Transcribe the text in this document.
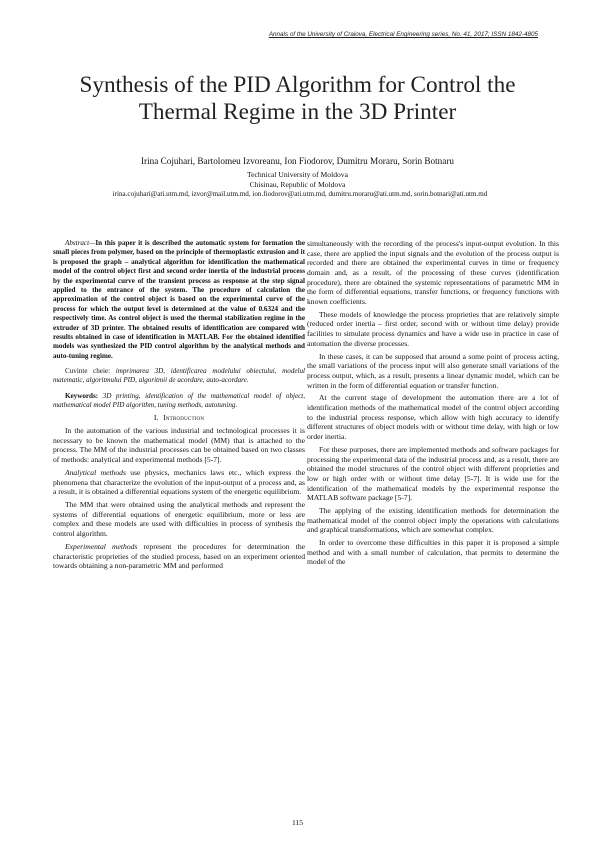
Annals of the University of Craiova, Electrical Engineering series, No. 41, 2017; ISSN 1842-4805
Synthesis of the PID Algorithm for Control the
Thermal Regime in the 3D Printer
Irina Cojuhari, Bartolomeu Izvoreanu, Ion Fiodorov, Dumitru Moraru, Sorin Botnaru
Technical University of Moldova
Chisinau, Republic of Moldova
irina.cojuhari@ati.utm.md, izvor@mail.utm.md, ion.fiodorov@ati.utm.md, dumitru.moraru@ati.utm.md, sorin.botnari@ati.utm.md

Abstract—In this paper it is described the automatic system for formation the small pieces from polymer, based on the principle of thermoplastic extrusion and it is proposed the graph – analytical algorithm for identification the mathematical model of the control object first and second order inertia of the industrial process by the experimental curve of the transient process as response at the step signal applied to the entrance of the system. The procedure of calculation the approximation of the control object is based on the experimental curve of the process for which the output level is determined at the value of 0.6324 and the respectively time. As control object is used the thermal stabilization regime in the extruder of 3D printer. The obtained results of identification are compared with results obtained in case of identification in MATLAB. For the obtained identified models was synthesized the PID control algorithm by the analytical methods and auto-tuning regime.

Cuvinte cheie: imprimarea 3D, identificarea modelului obiectului, modelul matematic, algoritmului PID, algoritmii de acordare, auto-acordare.

Keywords: 3D printing, identification of the mathematical model of object, mathematical model PID algorithm, tuning methods, autotuning.

I. Introduction

In the automation of the various industrial and technological processes it is necessary to be known the mathematical model (MM) that is attached to the process. The MM of the industrial processes can be obtained based on two classes of methods: analytical and experimental methods [5-7].

Analytical methods use physics, mechanics laws etc., which express the phenomena that characterize the evolution of the input-output of a process and, as a result, it is obtained a differential equations system of the energetic equilibrium.

The MM that were obtained using the analytical methods and represent the systems of differential equations of energetic equilibrium, more or less are complex and these models are used with difficulties in process of synthesis the control algorithm.

Experimental methods represent the procedures for determination the characteristic proprieties of the studied process, based on an experiment oriented towards obtaining a non-parametric MM and performed

simultaneously with the recording of the process's input-output evolution. In this case, there are applied the input signals and the evolution of the process output is recorded and there are obtained the experimental curves in time or frequency domain and, as a result, of the processing of these curves (identification procedure), there are obtained the systemic representations of parametric MM in the form of differential equations, transfer functions, or frequency functions with known coefficients.

These models of knowledge the process proprieties that are relatively simple (reduced order inertia – first order, second with or without time delay) provide facilities to simulate process dynamics and have a wide use in practice in case of automation the diverse processes.

In these cases, it can be supposed that around a some point of process acting, the small variations of the process input will also generate small variations of the process output, which, as a result, presents a linear dynamic model, which can be written in the form of differential equation or transfer function.

At the current stage of development the automation there are a lot of identification methods of the mathematical model of the control object according to the industrial process response, which allow with high accuracy to identify different structures of object models with or without time delay, with high or low order inertia.

For these purposes, there are implemented methods and software packages for processing the experimental data of the industrial process and, as a result, there are obtained the model structures of the control object with different proprieties and low or high order with or without time delay [5-7]. It is wide use for the identification of the mathematical models by the experimental response the MATLAB software package [5-7].

The applying of the existing identification methods for determination the mathematical model of the control object imply the operations with calculations and graphical transformations, which are somewhat complex.

In order to overcome these difficulties in this paper it is proposed a simple method and with a small number of calculation, that permits to determine the model of the

115
